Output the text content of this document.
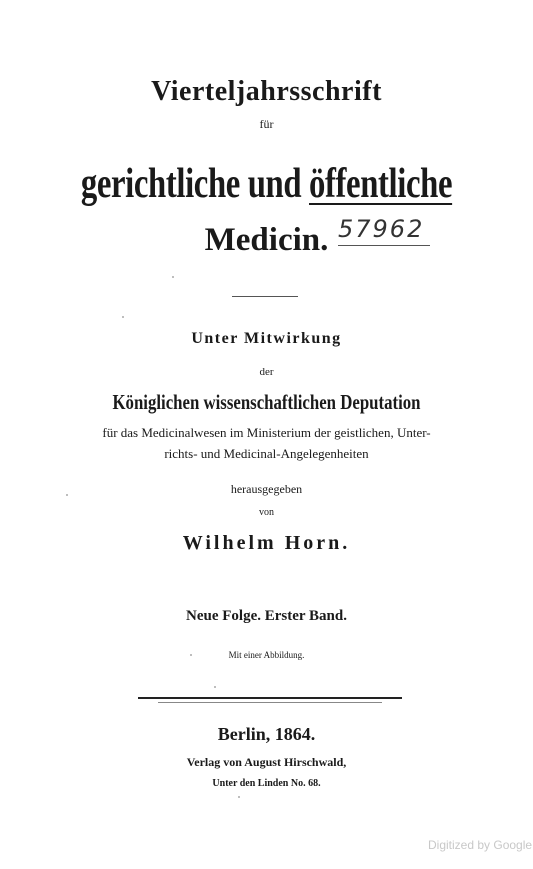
Vierteljahrsschrift
für
gerichtliche und öffentliche
Medicin. 57962
Unter Mitwirkung
der
Königlichen wissenschaftlichen Deputation
für das Medicinalwesen im Ministerium der geistlichen, Unter-
richts- und Medicinal-Angelegenheiten
herausgegeben
von
Wilhelm Horn.
Neue Folge. Erster Band.
Mit einer Abbildung.
Berlin, 1864.
Verlag von August Hirschwald,
Unter den Linden No. 68.
Digitized by Google
